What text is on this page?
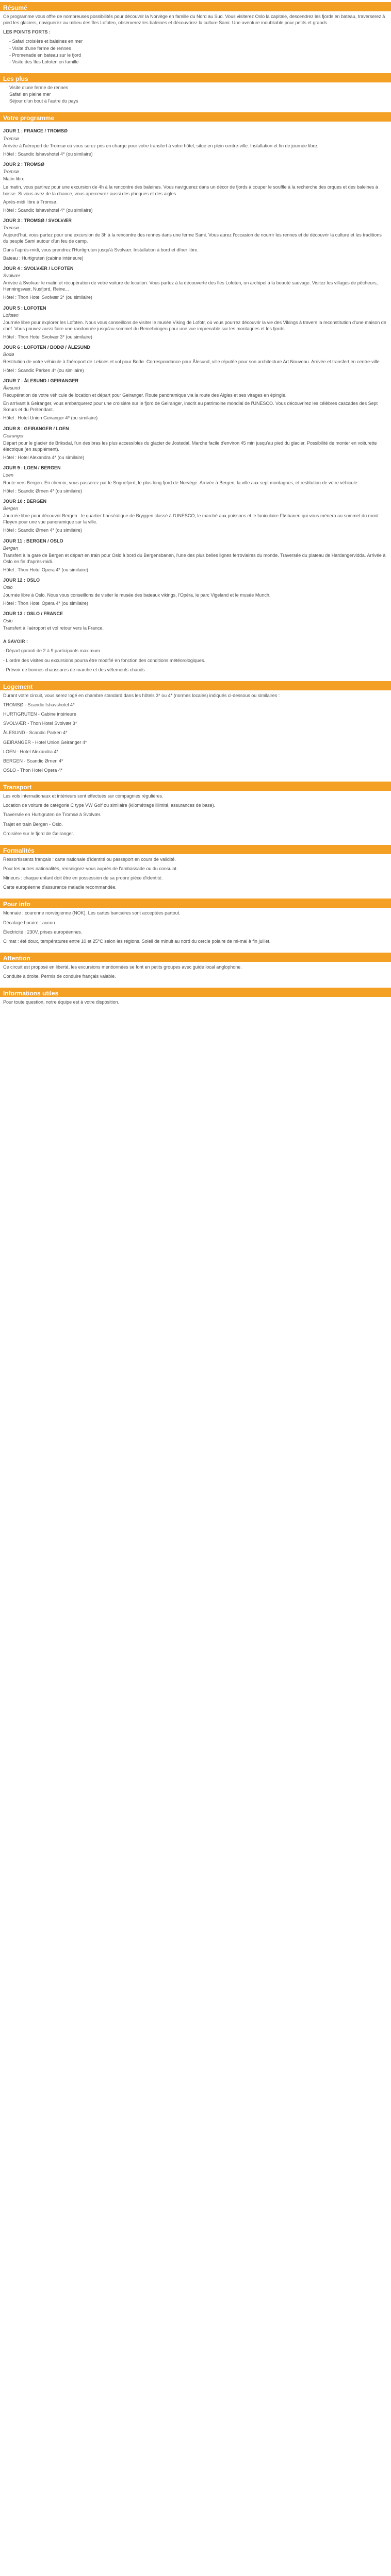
Résumé

Ce programme vous offre de nombreuses possibilités pour découvrir la Norvège en famille du Nord au Sud. Vous visiterez Oslo la capitale, descendrez les fjords en bateau, traverserez à pied les glaciers, naviguerez au milieu des îles Lofoten, observerez les baleines et découvrirez la culture Sami. Une aventure inoubliable pour petits et grands.

LES POINTS FORTS :

- Safari croisière et baleines en mer
- Visite d'une ferme de rennes
- Promenade en bateau sur le fjord
- Visite des îles Lofoten en famille
Les plus
Visite d'une ferme de rennes
Safari en pleine mer
Séjour d'un bout à l'autre du pays
Votre programme
JOUR 1 : FRANCE / TROMSØ

Tromsø

Arrivée à l'aéroport de Tromsø où vous serez pris en charge pour votre transfert à votre hôtel, situé en plein centre-ville. Installation et fin de journée libre.

Hôtel : Scandic Ishavshotel 4* (ou similaire)

JOUR 2 : TROMSØ

Tromsø

Matin libre

Le matin, vous partirez pour une excursion de 4h à la rencontre des baleines. Vous naviguerez dans un décor de fjords à couper le souffle à la recherche des orques et des baleines à bosse. Si vous avez de la chance, vous apercevrez aussi des phoques et des aigles.

Après-midi libre à Tromsø.

Hôtel : Scandic Ishavshotel 4* (ou similaire)

JOUR 3 : TROMSØ / SVOLVÆR

Tromsø

Aujourd'hui, vous partez pour une excursion de 3h à la rencontre des rennes dans une ferme Sami. Vous aurez l'occasion de nourrir les rennes et de découvrir la culture et les traditions du peuple Sami autour d'un feu de camp.

Dans l'après-midi, vous prendrez l'Hurtigruten jusqu'à Svolvær. Installation à bord et dîner libre.

Bateau : Hurtigruten (cabine intérieure)

JOUR 4 : SVOLVÆR / LOFOTEN

Svolvær

Arrivée à Svolvær le matin et récupération de votre voiture de location. Vous partez à la découverte des îles Lofoten, un archipel à la beauté sauvage. Visitez les villages de pêcheurs, Henningsvær, Nusfjord, Reine...

Hôtel : Thon Hotel Svolvær 3* (ou similaire)

JOUR 5 : LOFOTEN

Lofoten

Journée libre pour explorer les Lofoten. Nous vous conseillons de visiter le musée Viking de Lofotr, où vous pourrez découvrir la vie des Vikings à travers la reconstitution d'une maison de chef. Vous pouvez aussi faire une randonnée jusqu'au sommet du Reinebringen pour une vue imprenable sur les montagnes et les fjords.

Hôtel : Thon Hotel Svolvær 3* (ou similaire)

JOUR 6 : LOFOTEN / BODØ / ÅLESUND

Bodø

Restitution de votre véhicule à l'aéroport de Leknes et vol pour Bodø. Correspondance pour Ålesund, ville réputée pour son architecture Art Nouveau. Arrivée et transfert en centre-ville.

Hôtel : Scandic Parken 4* (ou similaire)

JOUR 7 : ÅLESUND / GEIRANGER

Ålesund

Récupération de votre véhicule de location et départ pour Geiranger. Route panoramique via la route des Aigles et ses virages en épingle.

En arrivant à Geiranger, vous embarquerez pour une croisière sur le fjord de Geiranger, inscrit au patrimoine mondial de l'UNESCO. Vous découvrirez les célèbres cascades des Sept Sœurs et du Prétendant.

Hôtel : Hotel Union Geiranger 4* (ou similaire)

JOUR 8 : GEIRANGER / LOEN

Geiranger

Départ pour le glacier de Briksdal, l'un des bras les plus accessibles du glacier de Jostedal. Marche facile d'environ 45 min jusqu'au pied du glacier. Possibilité de monter en voiturette électrique (en supplément).

Hôtel : Hotel Alexandra 4* (ou similaire)

JOUR 9 : LOEN / BERGEN

Loen

Route vers Bergen. En chemin, vous passerez par le Sognefjord, le plus long fjord de Norvège. Arrivée à Bergen, la ville aux sept montagnes, et restitution de votre véhicule.

Hôtel : Scandic Ørnen 4* (ou similaire)

JOUR 10 : BERGEN

Bergen

Journée libre pour découvrir Bergen : le quartier hanséatique de Bryggen classé à l'UNESCO, le marché aux poissons et le funiculaire Fløibanen qui vous mènera au sommet du mont Fløyen pour une vue panoramique sur la ville.

Hôtel : Scandic Ørnen 4* (ou similaire)

JOUR 11 : BERGEN / OSLO

Bergen

Transfert à la gare de Bergen et départ en train pour Oslo à bord du Bergensbanen, l'une des plus belles lignes ferroviaires du monde. Traversée du plateau de Hardangervidda. Arrivée à Oslo en fin d'après-midi.

Hôtel : Thon Hotel Opera 4* (ou similaire)

JOUR 12 : OSLO

Oslo

Journée libre à Oslo. Nous vous conseillons de visiter le musée des bateaux vikings, l'Opéra, le parc Vigeland et le musée Munch.

Hôtel : Thon Hotel Opera 4* (ou similaire)

JOUR 13 : OSLO / FRANCE

Oslo

Transfert à l'aéroport et vol retour vers la France.

A SAVOIR :

- Départ garanti de 2 à 9 participants maximum

- L'ordre des visites ou excursions pourra être modifié en fonction des conditions météorologiques.

- Prévoir de bonnes chaussures de marche et des vêtements chauds.

Logement

Durant votre circuit, vous serez logé en chambre standard dans les hôtels 3* ou 4* (normes locales) indiqués ci-dessous ou similaires :

TROMSØ - Scandic Ishavshotel 4*

HURTIGRUTEN - Cabine intérieure

SVOLVÆR - Thon Hotel Svolvær 3*

ÅLESUND - Scandic Parken 4*

GEIRANGER - Hotel Union Geiranger 4*

LOEN - Hotel Alexandra 4*

BERGEN - Scandic Ørnen 4*

OSLO - Thon Hotel Opera 4*

Transport

Les vols internationaux et intérieurs sont effectués sur compagnies régulières.

Location de voiture de catégorie C type VW Golf ou similaire (kilométrage illimité, assurances de base).

Traversée en Hurtigruten de Tromsø à Svolvær.

Trajet en train Bergen - Oslo.

Croisière sur le fjord de Geiranger.

Formalités

Ressortissants français : carte nationale d'identité ou passeport en cours de validité.

Pour les autres nationalités, renseignez-vous auprès de l'ambassade ou du consulat.

Mineurs : chaque enfant doit être en possession de sa propre pièce d'identité.

Carte européenne d'assurance maladie recommandée.

Pour info

Monnaie : couronne norvégienne (NOK). Les cartes bancaires sont acceptées partout.

Décalage horaire : aucun.

Électricité : 230V, prises européennes.

Climat : été doux, températures entre 10 et 25°C selon les régions. Soleil de minuit au nord du cercle polaire de mi-mai à fin juillet.

Attention

Ce circuit est proposé en liberté, les excursions mentionnées se font en petits groupes avec guide local anglophone.

Conduite à droite. Permis de conduire français valable.

Informations utiles

Pour toute question, notre équipe est à votre disposition.
